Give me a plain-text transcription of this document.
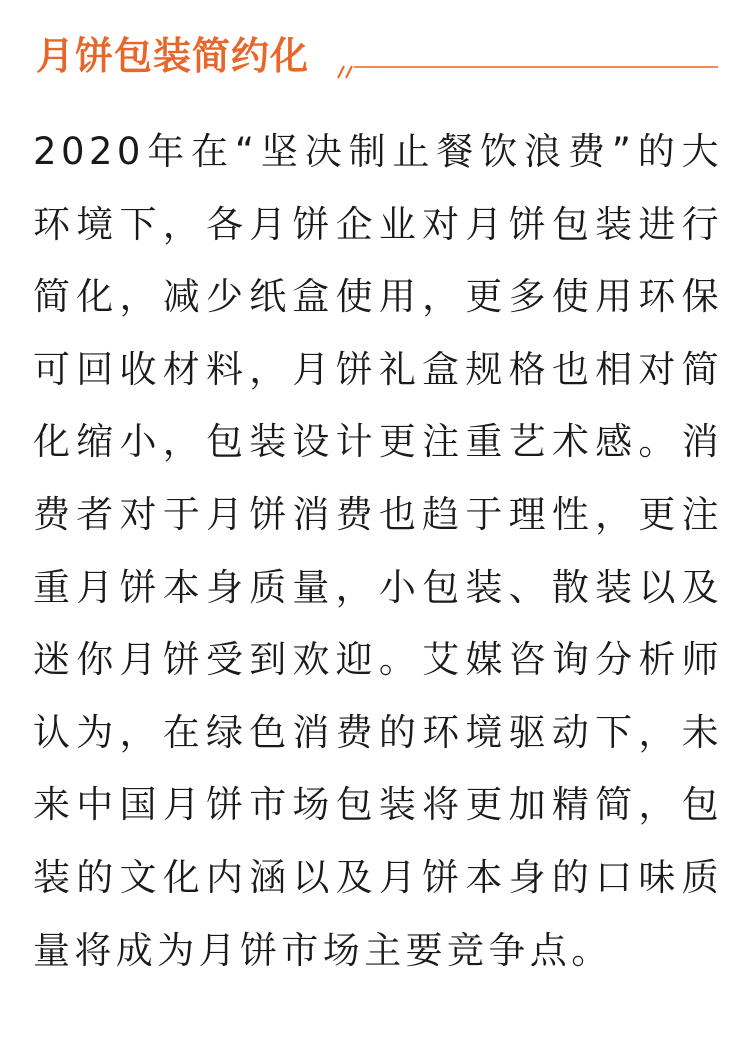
月饼包装简约化

2020年在“坚决制止餐饮浪费”的大环境下，各月饼企业对月饼包装进行简化，减少纸盒使用，更多使用环保可回收材料，月饼礼盒规格也相对简化缩小，包装设计更注重艺术感。消费者对于月饼消费也趋于理性，更注重月饼本身质量，小包装、散装以及迷你月饼受到欢迎。艾媒咨询分析师认为，在绿色消费的环境驱动下，未来中国月饼市场包装将更加精简，包装的文化内涵以及月饼本身的口味质量将成为月饼市场主要竞争点。
